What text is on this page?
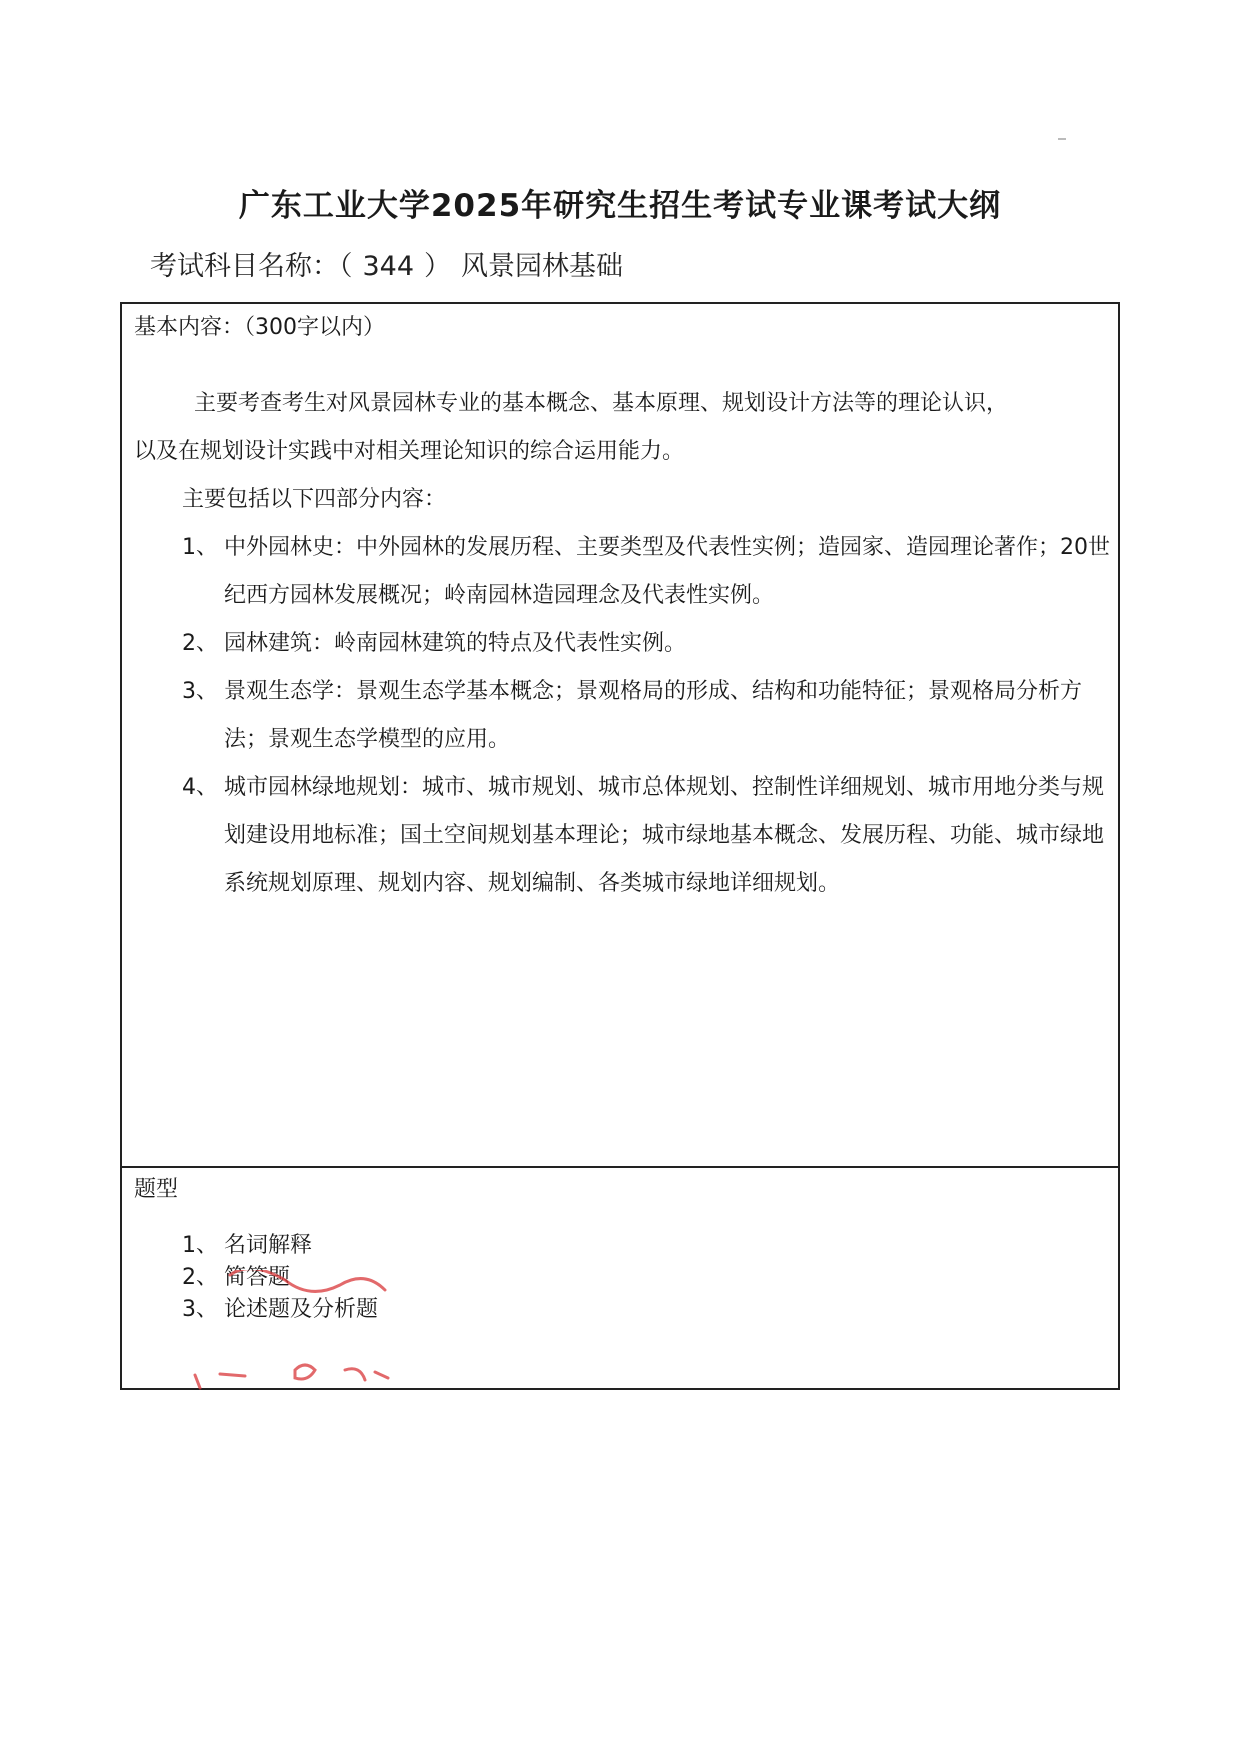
广东工业大学2025年研究生招生考试专业课考试大纲
考试科目名称：（ 344 ） 风景园林基础
基本内容：（300字以内）
主要考查考生对风景园林专业的基本概念、基本原理、规划设计方法等的理论认识，
以及在规划设计实践中对相关理论知识的综合运用能力。
主要包括以下四部分内容：
1、 中外园林史：中外园林的发展历程、主要类型及代表性实例；造园家、造园理论著作；20世纪西方园林发展概况；岭南园林造园理念及代表性实例。
2、 园林建筑：岭南园林建筑的特点及代表性实例。
3、 景观生态学：景观生态学基本概念；景观格局的形成、结构和功能特征；景观格局分析方法；景观生态学模型的应用。
4、 城市园林绿地规划：城市、城市规划、城市总体规划、控制性详细规划、城市用地分类与规划建设用地标准；国土空间规划基本理论；城市绿地基本概念、发展历程、功能、城市绿地系统规划原理、规划内容、规划编制、各类城市绿地详细规划。
题型
1、 名词解释
2、 简答题
3、 论述题及分析题
